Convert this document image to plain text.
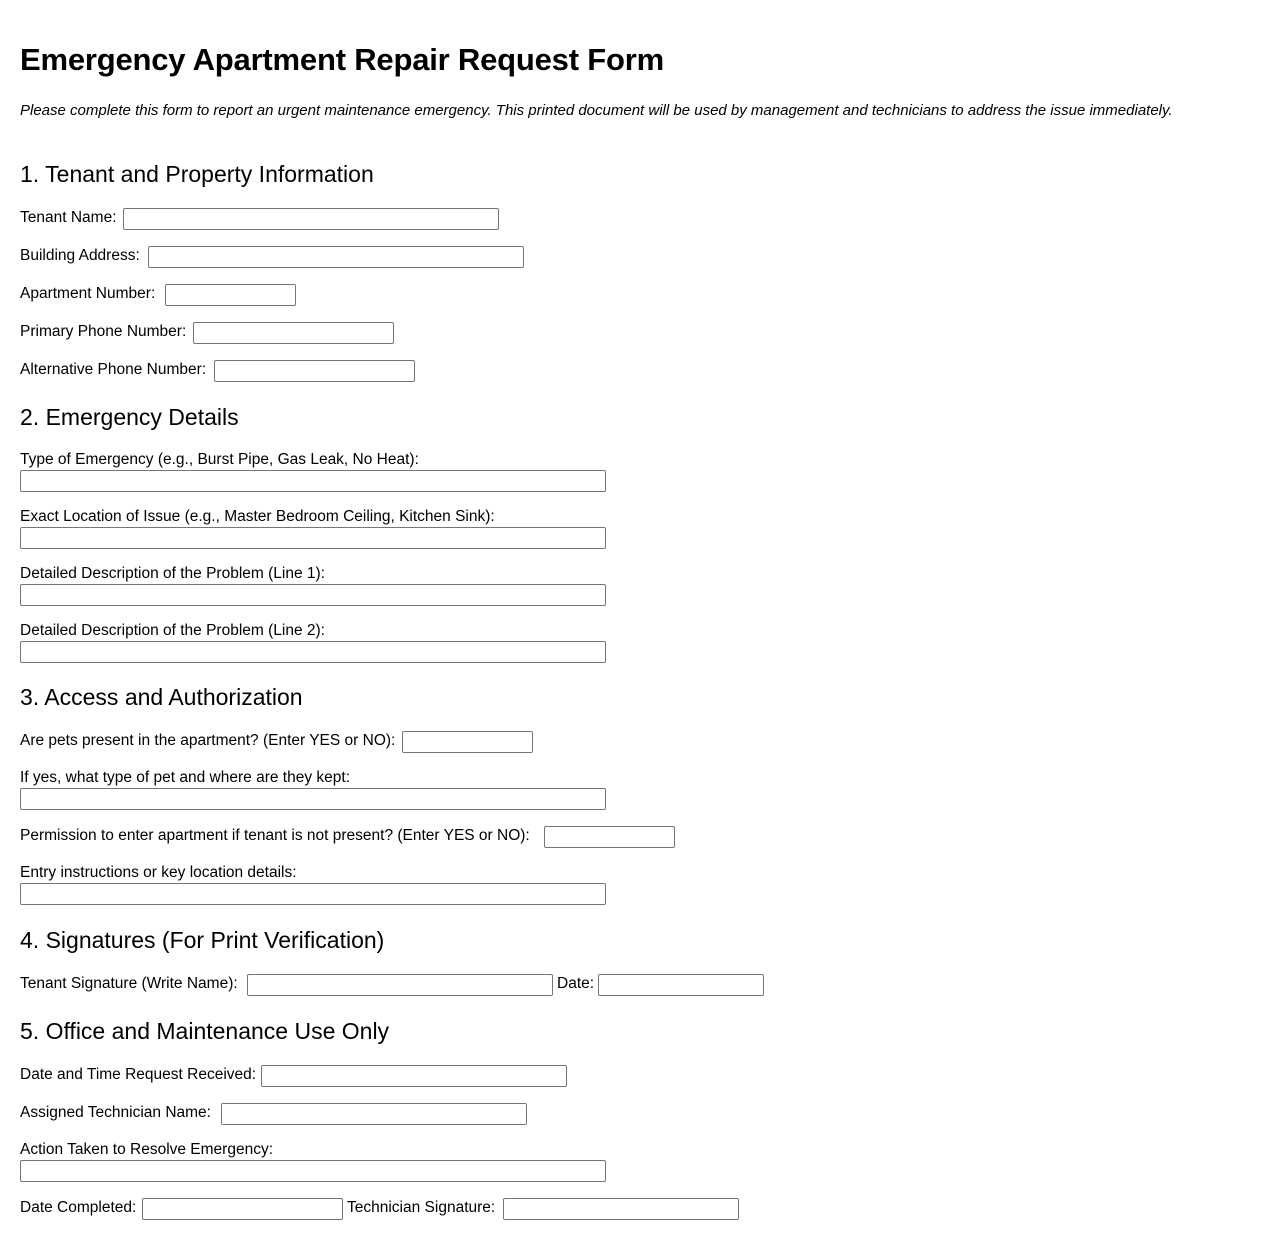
Emergency Apartment Repair Request Form

Please complete this form to report an urgent maintenance emergency. This printed document will be used by management and technicians to address the issue immediately.

1. Tenant and Property Information
Tenant Name:
Building Address:
Apartment Number:
Primary Phone Number:
Alternative Phone Number:
2. Emergency Details
Type of Emergency (e.g., Burst Pipe, Gas Leak, No Heat):
Exact Location of Issue (e.g., Master Bedroom Ceiling, Kitchen Sink):
Detailed Description of the Problem (Line 1):
Detailed Description of the Problem (Line 2):
3. Access and Authorization
Are pets present in the apartment? (Enter YES or NO):
If yes, what type of pet and where are they kept:
Permission to enter apartment if tenant is not present? (Enter YES or NO):
Entry instructions or key location details:
4. Signatures (For Print Verification)
Tenant Signature (Write Name):	Date:
5. Office and Maintenance Use Only
Date and Time Request Received:
Assigned Technician Name:
Action Taken to Resolve Emergency:
Date Completed:	Technician Signature:
